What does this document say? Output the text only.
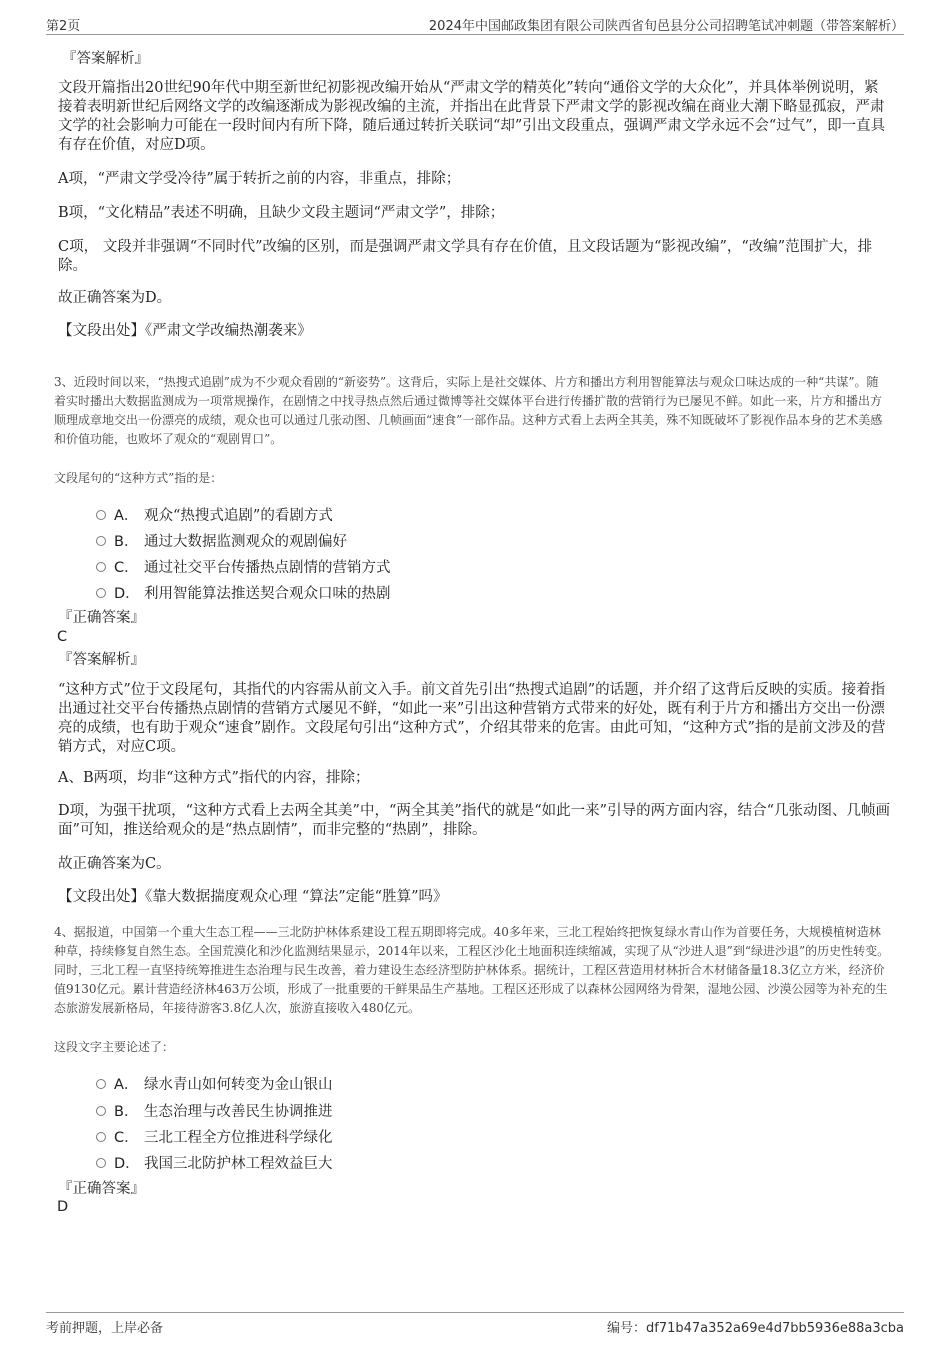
第2页	2024年中国邮政集团有限公司陕西省旬邑县分公司招聘笔试冲刺题（带答案解析）
『答案解析』
文段开篇指出20世纪90年代中期至新世纪初影视改编开始从“严肃文学的精英化”转向“通俗文学的大众化”，并具体举例说明，紧接着表明新世纪后网络文学的改编逐渐成为影视改编的主流，并指出在此背景下严肃文学的影视改编在商业大潮下略显孤寂，严肃文学的社会影响力可能在一段时间内有所下降，随后通过转折关联词“却”引出文段重点，强调严肃文学永远不会“过气”，即一直具有存在价值，对应D项。
A项，“严肃文学受冷待”属于转折之前的内容，非重点，排除；
B项，“文化精品”表述不明确，且缺少文段主题词“严肃文学”，排除；
C项， 文段并非强调“不同时代”改编的区别，而是强调严肃文学具有存在价值，且文段话题为“影视改编”，“改编”范围扩大，排除。
故正确答案为D。
【文段出处】《严肃文学改编热潮袭来》
3、近段时间以来，“热搜式追剧”成为不少观众看剧的“新姿势”。这背后，实际上是社交媒体、片方和播出方利用智能算法与观众口味达成的一种“共谋”。随着实时播出大数据监测成为一项常规操作，在剧情之中找寻热点然后通过微博等社交媒体平台进行传播扩散的营销行为已屡见不鲜。如此一来，片方和播出方顺理成章地交出一份漂亮的成绩，观众也可以通过几张动图、几帧画面“速食”一部作品。这种方式看上去两全其美，殊不知既破坏了影视作品本身的艺术美感和价值功能，也败坏了观众的“观剧胃口”。
文段尾句的“这种方式”指的是：
A． 观众“热搜式追剧”的看剧方式
B． 通过大数据监测观众的观剧偏好
C． 通过社交平台传播热点剧情的营销方式
D． 利用智能算法推送契合观众口味的热剧
『正确答案』
C
『答案解析』
“这种方式”位于文段尾句，其指代的内容需从前文入手。前文首先引出“热搜式追剧”的话题，并介绍了这背后反映的实质。接着指出通过社交平台传播热点剧情的营销方式屡见不鲜，“如此一来”引出这种营销方式带来的好处，既有利于片方和播出方交出一份漂亮的成绩，也有助于观众“速食”剧作。文段尾句引出“这种方式”，介绍其带来的危害。由此可知，“这种方式”指的是前文涉及的营销方式，对应C项。
A、B两项，均非“这种方式”指代的内容，排除；
D项，为强干扰项，“这种方式看上去两全其美”中，“两全其美”指代的就是“如此一来”引导的两方面内容，结合“几张动图、几帧画面”可知，推送给观众的是“热点剧情”，而非完整的“热剧”，排除。
故正确答案为C。
【文段出处】《靠大数据揣度观众心理 “算法”定能“胜算”吗》
4、据报道，中国第一个重大生态工程——三北防护林体系建设工程五期即将完成。40多年来，三北工程始终把恢复绿水青山作为首要任务，大规模植树造林种草，持续修复自然生态。全国荒漠化和沙化监测结果显示，2014年以来，工程区沙化土地面积连续缩减，实现了从“沙进人退”到“绿进沙退”的历史性转变。同时，三北工程一直坚持统筹推进生态治理与民生改善，着力建设生态经济型防护林体系。据统计，工程区营造用材林折合木材储备量18.3亿立方米，经济价值9130亿元。累计营造经济林463万公顷，形成了一批重要的干鲜果品生产基地。工程区还形成了以森林公园网络为骨架，湿地公园、沙漠公园等为补充的生态旅游发展新格局，年接待游客3.8亿人次，旅游直接收入480亿元。
这段文字主要论述了：
A． 绿水青山如何转变为金山银山
B． 生态治理与改善民生协调推进
C． 三北工程全方位推进科学绿化
D． 我国三北防护林工程效益巨大
『正确答案』
D
考前押题，上岸必备	编号：df71b47a352a69e4d7bb5936e88a3cba
